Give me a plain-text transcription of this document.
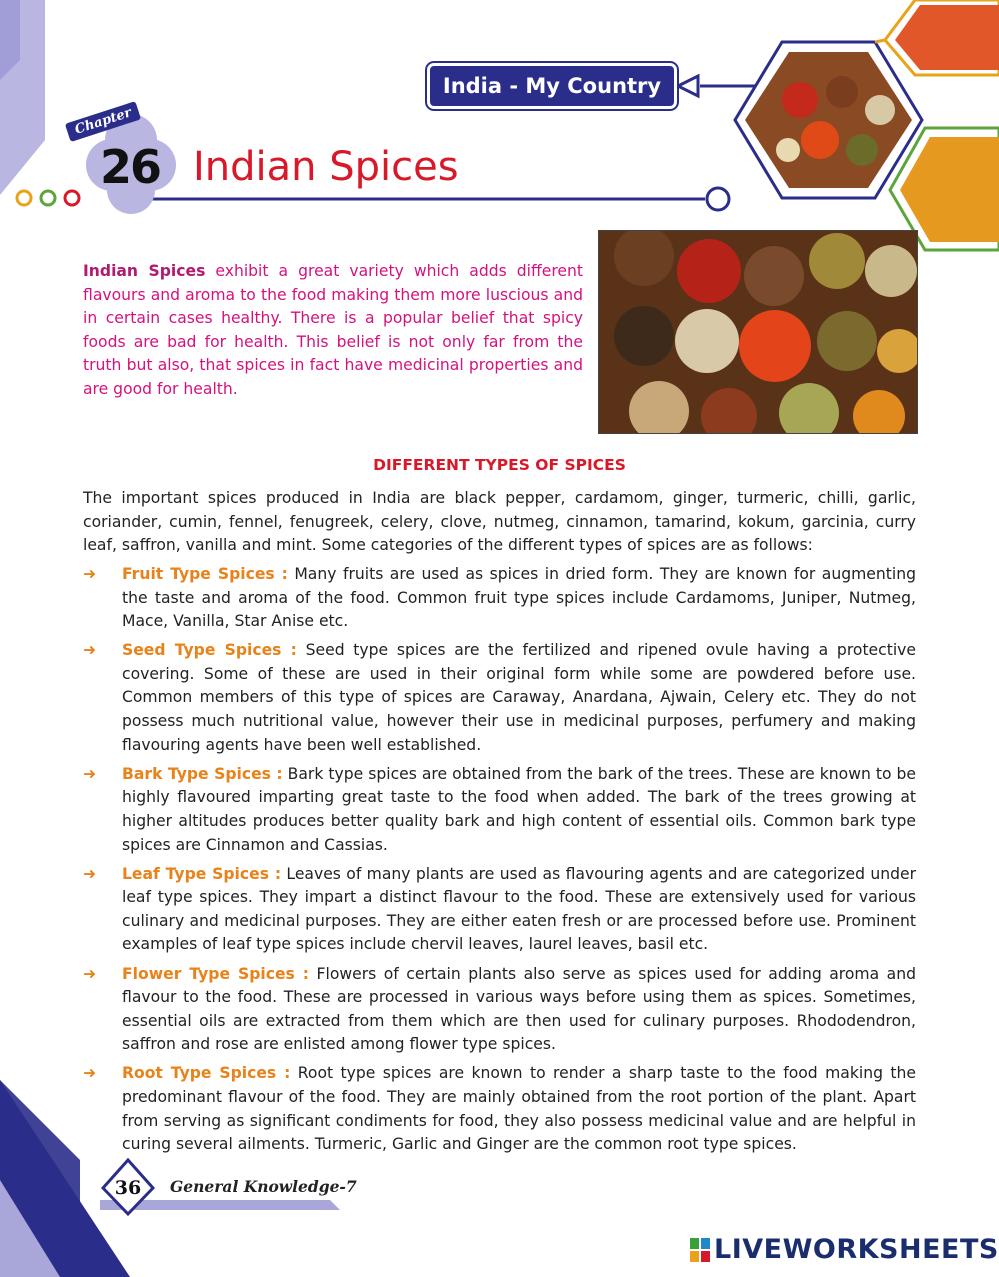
India - My Country
Chapter
26 Indian Spices
Indian Spices exhibit a great variety which adds different flavours and aroma to the food making them more luscious and in certain cases healthy. There is a popular belief that spicy foods are bad for health. This belief is not only far from the truth but also, that spices in fact have medicinal properties and are good for health.
DIFFERENT TYPES OF SPICES
The important spices produced in India are black pepper, cardamom, ginger, turmeric, chilli, garlic, coriander, cumin, fennel, fenugreek, celery, clove, nutmeg, cinnamon, tamarind, kokum, garcinia, curry leaf, saffron, vanilla and mint. Some categories of the different types of spices are as follows:
➜ Fruit Type Spices : Many fruits are used as spices in dried form. They are known for augmenting the taste and aroma of the food. Common fruit type spices include Cardamoms, Juniper, Nutmeg, Mace, Vanilla, Star Anise etc.
➜ Seed Type Spices : Seed type spices are the fertilized and ripened ovule having a protective covering. Some of these are used in their original form while some are powdered before use. Common members of this type of spices are Caraway, Anardana, Ajwain, Celery etc. They do not possess much nutritional value, however their use in medicinal purposes, perfumery and making flavouring agents have been well established.
➜ Bark Type Spices : Bark type spices are obtained from the bark of the trees. These are known to be highly flavoured imparting great taste to the food when added. The bark of the trees growing at higher altitudes produces better quality bark and high content of essential oils. Common bark type spices are Cinnamon and Cassias.
➜ Leaf Type Spices : Leaves of many plants are used as flavouring agents and are categorized under leaf type spices. They impart a distinct flavour to the food. These are extensively used for various culinary and medicinal purposes. They are either eaten fresh or are processed before use. Prominent examples of leaf type spices include chervil leaves, laurel leaves, basil etc.
➜ Flower Type Spices : Flowers of certain plants also serve as spices used for adding aroma and flavour to the food. These are processed in various ways before using them as spices. Sometimes, essential oils are extracted from them which are then used for culinary purposes. Rhododendron, saffron and rose are enlisted among flower type spices.
➜ Root Type Spices : Root type spices are known to render a sharp taste to the food making the predominant flavour of the food. They are mainly obtained from the root portion of the plant. Apart from serving as significant condiments for food, they also possess medicinal value and are helpful in curing several ailments. Turmeric, Garlic and Ginger are the common root type spices.
36	General Knowledge-7
LIVEWORKSHEETS
